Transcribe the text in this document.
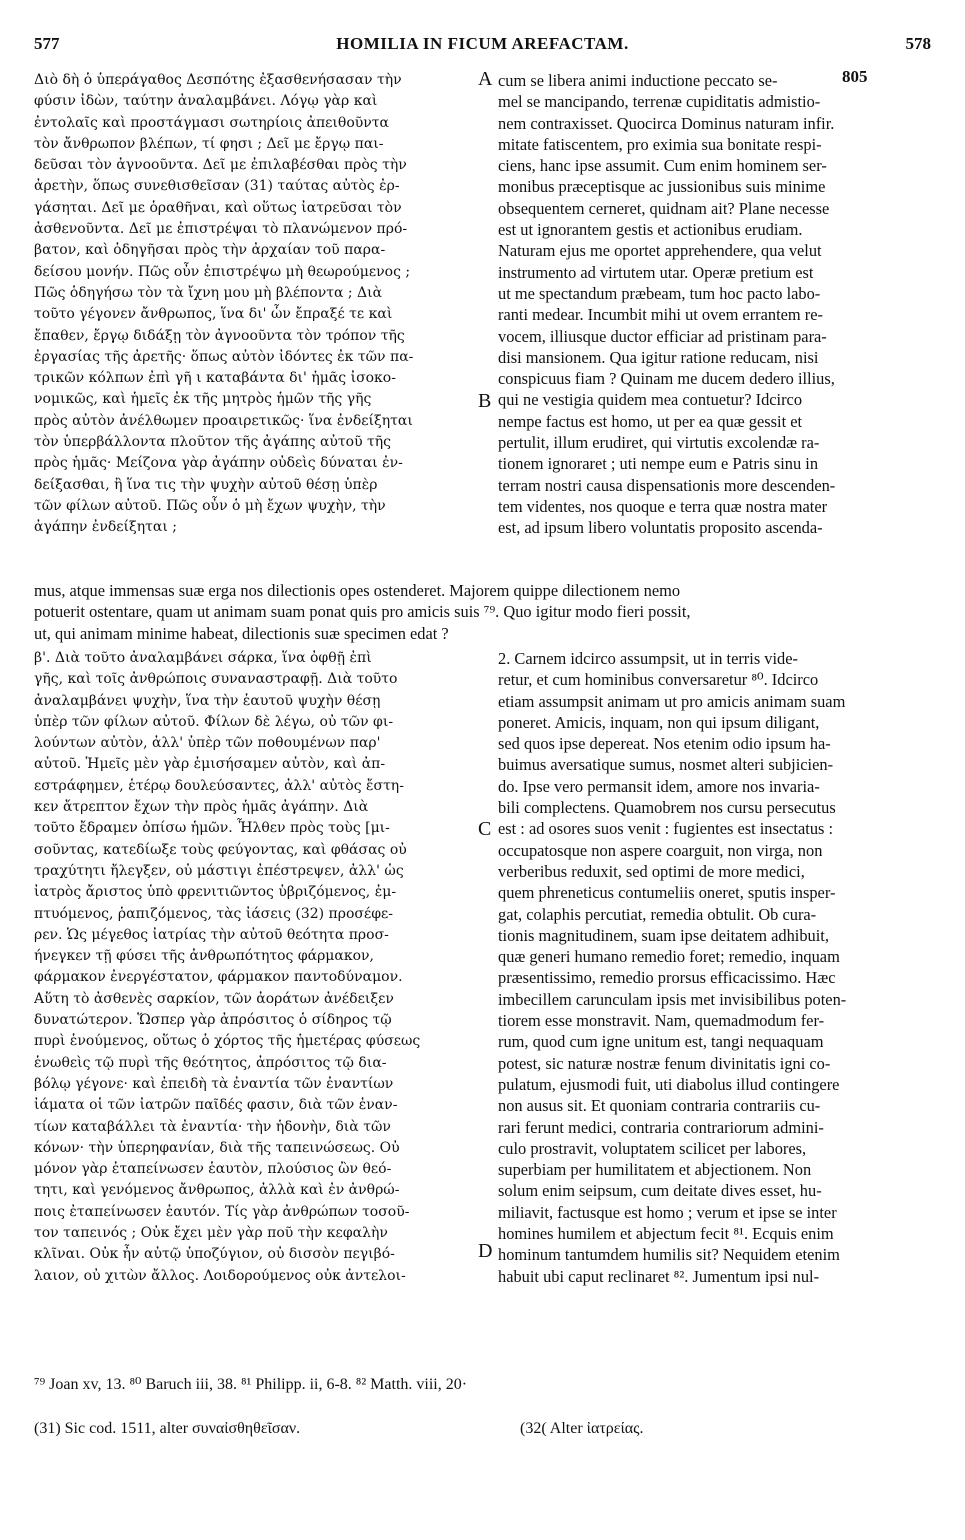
577	HOMILIA IN FICUM AREFACTAM.	578
Διὸ δὴ ὁ ὑπεράγαθος Δεσπότης ἐξασθενήσασαν τὴν
φύσιν ἰδὼν, ταύτην ἀναλαμβάνει. Λόγῳ γὰρ καὶ
ἐντολαῖς καὶ προστάγμασι σωτηρίοις ἀπειθοῦντα
τὸν ἄνθρωπον βλέπων, τί φησι ; Δεῖ με ἔργῳ παι-
δεῦσαι τὸν ἀγνοοῦντα. Δεῖ με ἐπιλαβέσθαι πρὸς τὴν
ἀρετὴν, ὅπως συνεθισθεῖσαν (31) ταύτας αὐτὸς ἐρ-
γάσηται. Δεῖ με ὁραθῆναι, καὶ οὕτως ἰατρεῦσαι τὸν
ἀσθενοῦντα. Δεῖ με ἐπιστρέψαι τὸ πλανώμενον πρό-
βατον, καὶ ὁδηγῆσαι πρὸς τὴν ἀρχαίαν τοῦ παρα-
δείσου μονήν. Πῶς οὖν ἐπιστρέψω μὴ θεωρούμενος ;
Πῶς ὁδηγήσω τὸν τὰ ἴχνη μου μὴ βλέποντα ; Διὰ
τοῦτο γέγονεν ἄνθρωπος, ἵνα δι' ὧν ἔπραξέ τε καὶ
ἔπαθεν, ἔργῳ διδάξῃ τὸν ἀγνοοῦντα τὸν τρόπον τῆς
ἐργασίας τῆς ἀρετῆς· ὅπως αὐτὸν ἰδόντες ἐκ τῶν πα-
τρικῶν κόλπων ἐπὶ γῆ ι καταβάντα δι' ἡμᾶς ἰσοκο-
νομικῶς, καὶ ἡμεῖς ἐκ τῆς μητρὸς ἡμῶν τῆς γῆς
πρὸς αὐτὸν ἀνέλθωμεν προαιρετικῶς· ἵνα ἐνδείξηται
τὸν ὑπερβάλλοντα πλοῦτον τῆς ἀγάπης αὐτοῦ τῆς
πρὸς ἡμᾶς· Μείζονα γὰρ ἀγάπην οὐδεὶς δύναται ἐν-
δείξασθαι, ἢ ἵνα τις τὴν ψυχὴν αὐτοῦ θέσῃ ὑπὲρ
τῶν φίλων αὐτοῦ. Πῶς οὖν ὁ μὴ ἔχων ψυχὴν, τὴν
ἀγάπην ἐνδείξηται ;
cum se libera animi inductione peccato se-
mel se mancipando, terrenæ cupiditatis admistio-
nem contraxisset. Quocirca Dominus naturam infir.
mitate fatiscentem, pro eximia sua bonitate respi-
ciens, hanc ipse assumit. Cum enim hominem ser-
monibus præceptisque ac jussionibus suis minime
obsequentem cerneret, quidnam ait? Plane necesse
est ut ignorantem gestis et actionibus erudiam.
Naturam ejus me oportet apprehendere, qua velut
instrumento ad virtutem utar. Operæ pretium est
ut me spectandum præbeam, tum hoc pacto labo-
ranti medear. Incumbit mihi ut ovem errantem re-
vocem, illiusque ductor efficiar ad pristinam para-
disi mansionem. Qua igitur ratione reducam, nisi
conspicuus fiam ? Quinam me ducem dedero illius,
qui ne vestigia quidem mea contuetur? Idcirco
nempe factus est homo, ut per ea quæ gessit et
pertulit, illum erudiret, qui virtutis excolendæ ra-
tionem ignoraret ; uti nempe eum e Patris sinu in
terram nostri causa dispensationis more descenden-
tem videntes, nos quoque e terra quæ nostra mater
est, ad ipsum libero voluntatis proposito ascenda-
805
A
B
C
D
mus, atque immensas suæ erga nos dilectionis opes ostenderet. Majorem quippe dilectionem nemo
potuerit ostentare, quam ut animam suam ponat quis pro amicis suis ⁷⁹. Quo igitur modo fieri possit,
ut, qui animam minime habeat, dilectionis suæ specimen edat ?
β'. Διὰ τοῦτο ἀναλαμβάνει σάρκα, ἵνα ὀφθῇ ἐπὶ
γῆς, καὶ τοῖς ἀνθρώποις συναναστραφῇ. Διὰ τοῦτο
ἀναλαμβάνει ψυχὴν, ἵνα τὴν ἑαυτοῦ ψυχὴν θέσῃ
ὑπὲρ τῶν φίλων αὐτοῦ. Φίλων δὲ λέγω, οὐ τῶν φι-
λούντων αὐτὸν, ἀλλ' ὑπὲρ τῶν ποθουμένων παρ'
αὐτοῦ. Ἡμεῖς μὲν γὰρ ἐμισήσαμεν αὐτὸν, καὶ ἀπ-
εστράφημεν, ἑτέρῳ δουλεύσαντες, ἀλλ' αὐτὸς ἔστη-
κεν ἄτρεπτον ἔχων τὴν πρὸς ἡμᾶς ἀγάπην. Διὰ
τοῦτο ἔδραμεν ὀπίσω ἡμῶν. Ἦλθεν πρὸς τοὺς [μι-
σοῦντας, κατεδίωξε τοὺς φεύγοντας, καὶ φθάσας οὐ
τραχύτητι ἤλεγξεν, οὐ μάστιγι ἐπέστρεψεν, ἀλλ' ὡς
ἰατρὸς ἄριστος ὑπὸ φρενιτιῶντος ὑβριζόμενος, ἐμ-
πτυόμενος, ῥαπιζόμενος, τὰς ἰάσεις (32) προσέφε-
ρεν. Ὡς μέγεθος ἰατρίας τὴν αὐτοῦ θεότητα προσ-
ήνεγκεν τῇ φύσει τῆς ἀνθρωπότητος φάρμακον,
φάρμακον ἐνεργέστατον, φάρμακον παντοδύναμον.
Αὕτη τὸ ἀσθενὲς σαρκίον, τῶν ἀοράτων ἀνέδειξεν
δυνατώτερον. Ὥσπερ γὰρ ἀπρόσιτος ὁ σίδηρος τῷ
πυρὶ ἑνούμενος, οὕτως ὁ χόρτος τῆς ἡμετέρας φύσεως
ἑνωθεὶς τῷ πυρὶ τῆς θεότητος, ἀπρόσιτος τῷ δια-
βόλῳ γέγονε· καὶ ἐπειδὴ τὰ ἐναντία τῶν ἐναντίων
ἰάματα οἱ τῶν ἰατρῶν παῖδές φασιν, διὰ τῶν ἐναν-
τίων καταβάλλει τὰ ἐναντία· τὴν ἡδονὴν, διὰ τῶν
κόνων· τὴν ὑπερηφανίαν, διὰ τῆς ταπεινώσεως. Οὐ
μόνον γὰρ ἐταπείνωσεν ἑαυτὸν, πλούσιος ὢν θεό-
τητι, καὶ γενόμενος ἄνθρωπος, ἀλλὰ καὶ ἐν ἀνθρώ-
ποις ἐταπείνωσεν ἑαυτόν. Τίς γὰρ ἀνθρώπων τοσοῦ-
τον ταπεινός ; Οὐκ ἔχει μὲν γὰρ ποῦ τὴν κεφαλὴν
κλῖναι. Οὐκ ἦν αὐτῷ ὑποζύγιον, οὐ δισσὸν πεγιβό-
λαιον, οὐ χιτὼν ἄλλος. Λοιδορούμενος οὐκ ἀντελοι-
2. Carnem idcirco assumpsit, ut in terris vide-
retur, et cum hominibus conversaretur ⁸⁰. Idcirco
etiam assumpsit animam ut pro amicis animam suam
poneret. Amicis, inquam, non qui ipsum diligant,
sed quos ipse depereat. Nos etenim odio ipsum ha-
buimus aversatique sumus, nosmet alteri subjicien-
do. Ipse vero permansit idem, amore nos invaria-
bili complectens. Quamobrem nos cursu persecutus
est : ad osores suos venit : fugientes est insectatus :
occupatosque non aspere coarguit, non virga, non
verberibus reduxit, sed optimi de more medici,
quem phreneticus contumeliis oneret, sputis insper-
gat, colaphis percutiat, remedia obtulit. Ob cura-
tionis magnitudinem, suam ipse deitatem adhibuit,
quæ generi humano remedio foret; remedio, inquam
præsentissimo, remedio prorsus efficacissimo. Hæc
imbecillem carunculam ipsis met invisibilibus poten-
tiorem esse monstravit. Nam, quemadmodum fer-
rum, quod cum igne unitum est, tangi nequaquam
potest, sic naturæ nostræ fenum divinitatis igni co-
pulatum, ejusmodi fuit, uti diabolus illud contingere
non ausus sit. Et quoniam contraria contrariis cu-
rari ferunt medici, contraria contrariorum admini-
culo prostravit, voluptatem scilicet per labores,
superbiam per humilitatem et abjectionem. Non
solum enim seipsum, cum deitate dives esset, hu-
miliavit, factusque est homo ; verum et ipse se inter
homines humilem et abjectum fecit ⁸¹. Ecquis enim
hominum tantumdem humilis sit? Nequidem etenim
habuit ubi caput reclinaret ⁸². Jumentum ipsi nul-
⁷⁹ Joan xv, 13. ⁸⁰ Baruch iii, 38. ⁸¹ Philipp. ii, 6-8. ⁸² Matth. viii, 20·
(31) Sic cod. 1511, alter συναἰσθηθεῖσαν.	(32( Alter ἰατρείας.
